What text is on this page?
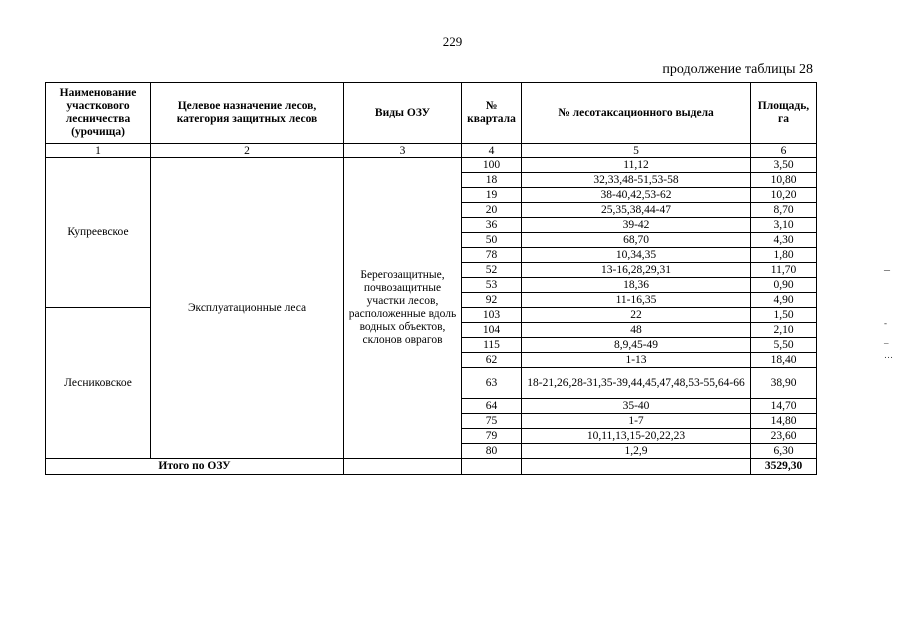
229
продолжение таблицы 28
Наименование участкового лесничества (урочища)	Целевое назначение лесов, категория защитных лесов	Виды ОЗУ	№ квартала	№ лесотаксационного выдела	Площадь, га
1	2	3	4	5	6
Купреевское	Эксплуатационные леса	Берегозащитные, почвозащитные участки лесов, расположенные вдоль водных объектов, склонов оврагов	100	11,12	3,50
			18	32,33,48-51,53-58	10,80
			19	38-40,42,53-62	10,20
			20	25,35,38,44-47	8,70
			36	39-42	3,10
			50	68,70	4,30
			78	10,34,35	1,80
			52	13-16,28,29,31	11,70
			53	18,36	0,90
			92	11-16,35	4,90
Лесниковское			103	22	1,50
			104	48	2,10
			115	8,9,45-49	5,50
			62	1-13	18,40
			63	18-21,26,28-31,35-39,44,45,47,48,53-55,64-66	38,90
			64	35-40	14,70
			75	1-7	14,80
			79	10,11,13,15-20,22,23	23,60
			80	1,2,9	6,30
Итого по ОЗУ					3529,30
–
-
–
…
